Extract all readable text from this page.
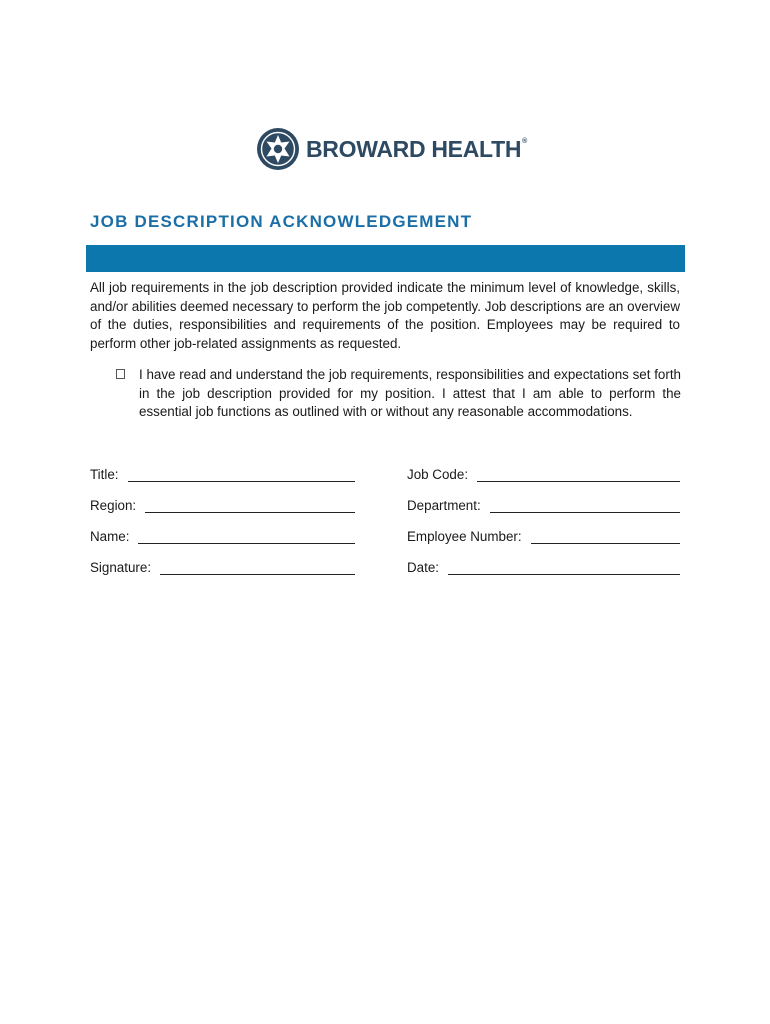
BROWARD HEALTH®
JOB DESCRIPTION ACKNOWLEDGEMENT

All job requirements in the job description provided indicate the minimum level of knowledge, skills, and/or abilities deemed necessary to perform the job competently. Job descriptions are an overview of the duties, responsibilities and requirements of the position. Employees may be required to perform other job-related assignments as requested.

I have read and understand the job requirements, responsibilities and expectations set forth in the job description provided for my position. I attest that I am able to perform the essential job functions as outlined with or without any reasonable accommodations.

Title:
Region:
Name:
Signature:
Job Code:
Department:
Employee Number:
Date:
